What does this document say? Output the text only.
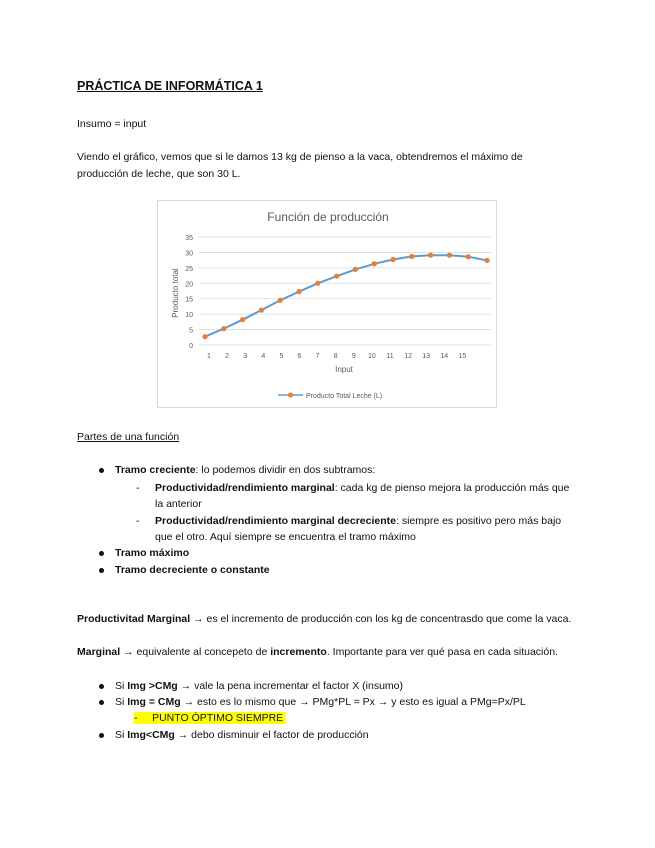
PRÁCTICA DE INFORMÁTICA 1
Insumo = input
Viendo el gráfico, vemos que si le damos 13 kg de pienso a la vaca, obtendremos el máximo de
producción de leche, que son 30 L.
Función de producción
Producto total
Input
0
5
10
15
20
25
30
35
1 2 3 4 5 6 7 8 9 10 11 12 13 14 15
Producto Total Leche (L)
Partes de una función
Tramo creciente: lo podemos dividir en dos subtramos:
- Productividad/rendimiento marginal: cada kg de pienso mejora la producción más que
la anterior
- Productividad/rendimiento marginal decreciente: siempre es positivo pero más bajo
que el otro. Aquí siempre se encuentra el tramo máximo
Tramo máximo
Tramo decreciente o constante
Productivitad Marginal → es el incremento de producción con los kg de concentrasdo que come la vaca.
Marginal → equivalente al concepeto de incremento. Importante para ver qué pasa en cada situación.
Si Img >CMg → vale la pena incrementar el factor X (insumo)
Si Img = CMg → esto es lo mismo que → PMg*PL = Px → y esto es igual a PMg=Px/PL
-     PUNTO ÓPTIMO SIEMPRE
Si Img<CMg → debo disminuir el factor de producción
